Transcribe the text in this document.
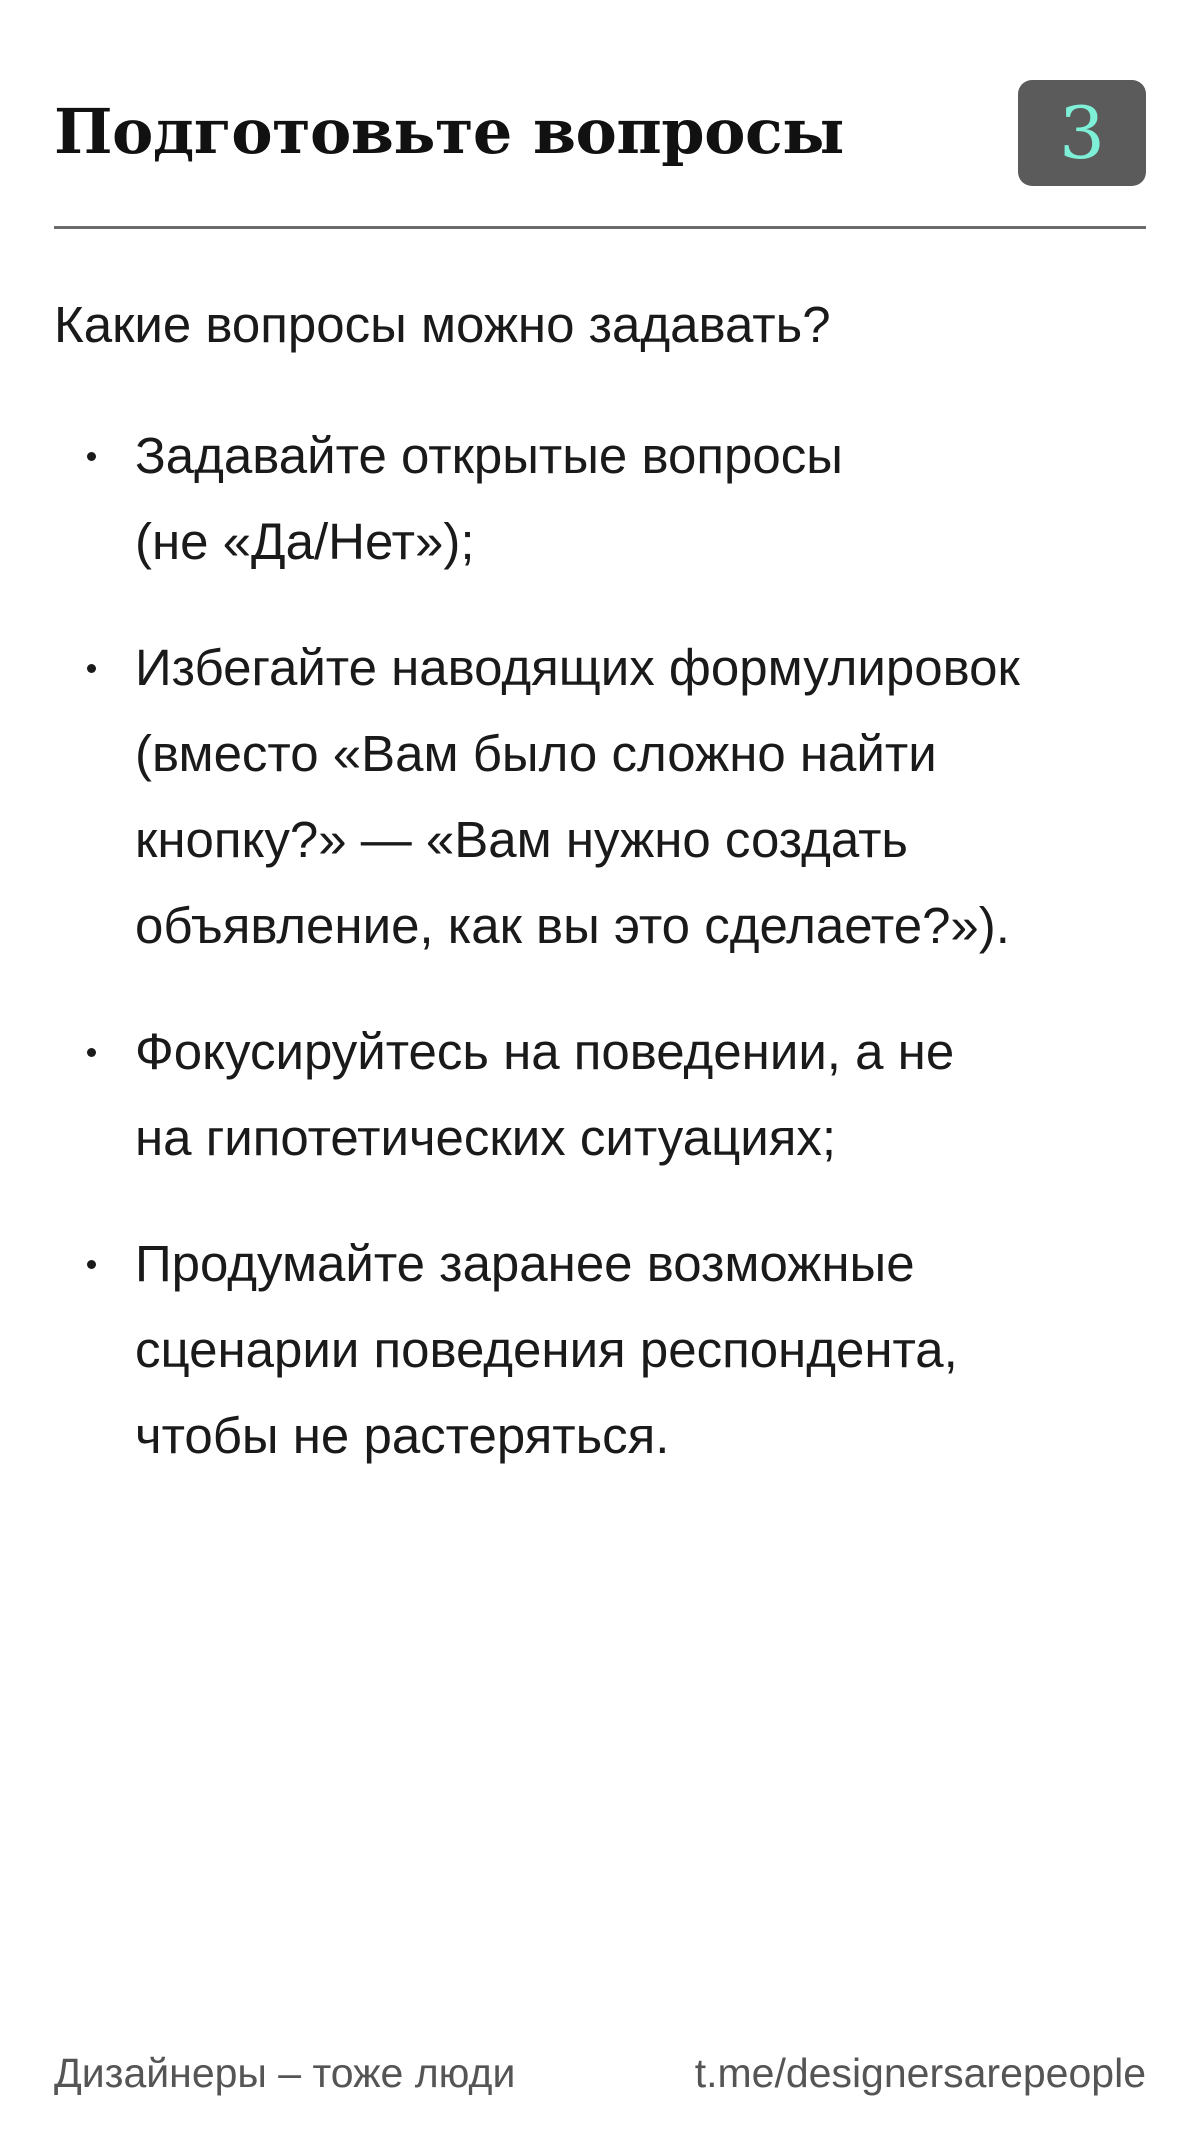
Подготовьте вопросы	3
Какие вопросы можно задавать?
Задавайте открытые вопросы
(не «Да/Нет»);
Избегайте наводящих формулировок
(вместо «Вам было сложно найти
кнопку?» — «Вам нужно создать
объявление, как вы это сделаете?»).
Фокусируйтесь на поведении, а не
на гипотетических ситуациях;
Продумайте заранее возможные
сценарии поведения респондента,
чтобы не растеряться.
Дизайнеры – тоже люди	t.me/designersarepeople
